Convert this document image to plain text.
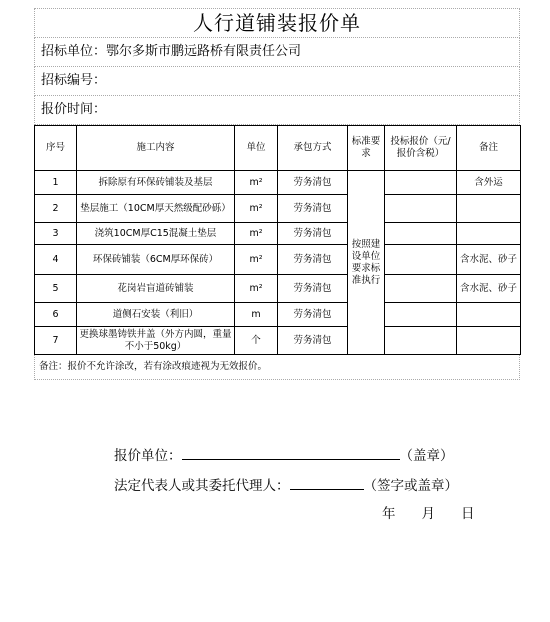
人行道铺装报价单
招标单位：鄂尔多斯市鹏远路桥有限责任公司
招标编号：
报价时间：
序号	施工内容	单位	承包方式	标准要求	投标报价（元/报价含税）	备注
1	拆除原有环保砖铺装及基层	m²	劳务清包	按照建设单位要求标准执行		含外运
2	垫层施工（10CM厚天然级配砂砾）	m²	劳务清包			
3	浇筑10CM厚C15混凝土垫层	m²	劳务清包			
4	环保砖铺装（6CM厚环保砖）	m²	劳务清包			含水泥、砂子
5	花岗岩盲道砖铺装	m²	劳务清包			含水泥、砂子
6	道侧石安装（利旧）	m	劳务清包			
7	更换球墨铸铁井盖（外方内圆，重量不小于50kg）	个	劳务清包			
备注：报价不允许涂改，若有涂改痕迹视为无效报价。
报价单位：	（盖章）
法定代表人或其委托代理人：	（签字或盖章）
年 月 日
